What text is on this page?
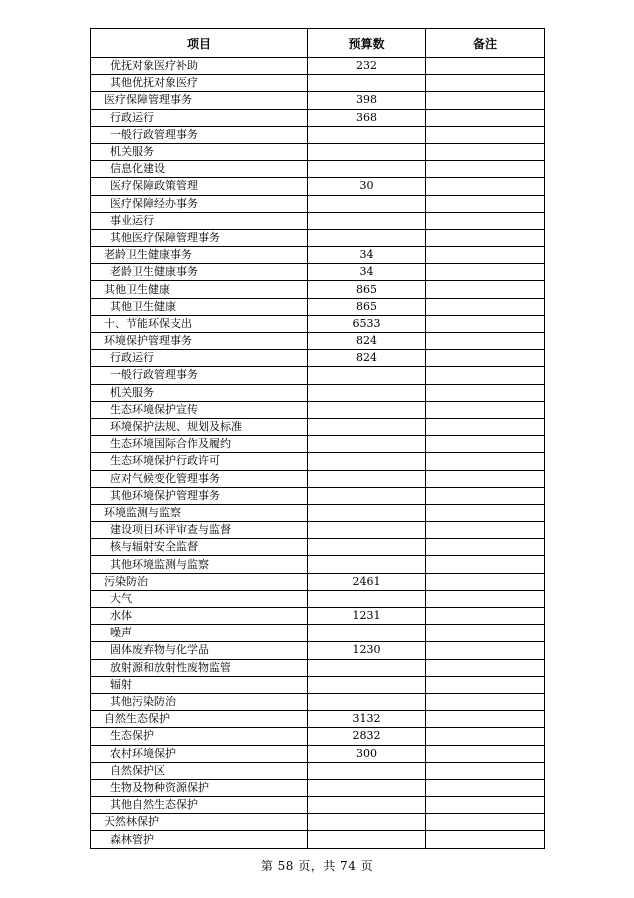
项目	预算数	备注
优抚对象医疗补助	232	
其他优抚对象医疗		
医疗保障管理事务	398	
行政运行	368	
一般行政管理事务		
机关服务		
信息化建设		
医疗保障政策管理	30	
医疗保障经办事务		
事业运行		
其他医疗保障管理事务		
老龄卫生健康事务	34	
老龄卫生健康事务	34	
其他卫生健康	865	
其他卫生健康	865	
十、节能环保支出	6533	
环境保护管理事务	824	
行政运行	824	
一般行政管理事务		
机关服务		
生态环境保护宣传		
环境保护法规、规划及标准		
生态环境国际合作及履约		
生态环境保护行政许可		
应对气候变化管理事务		
其他环境保护管理事务		
环境监测与监察		
建设项目环评审查与监督		
核与辐射安全监督		
其他环境监测与监察		
污染防治	2461	
大气		
水体	1231	
噪声		
固体废弃物与化学品	1230	
放射源和放射性废物监管		
辐射		
其他污染防治		
自然生态保护	3132	
生态保护	2832	
农村环境保护	300	
自然保护区		
生物及物种资源保护		
其他自然生态保护		
天然林保护		
森林管护		
第 58 页，共 74 页
